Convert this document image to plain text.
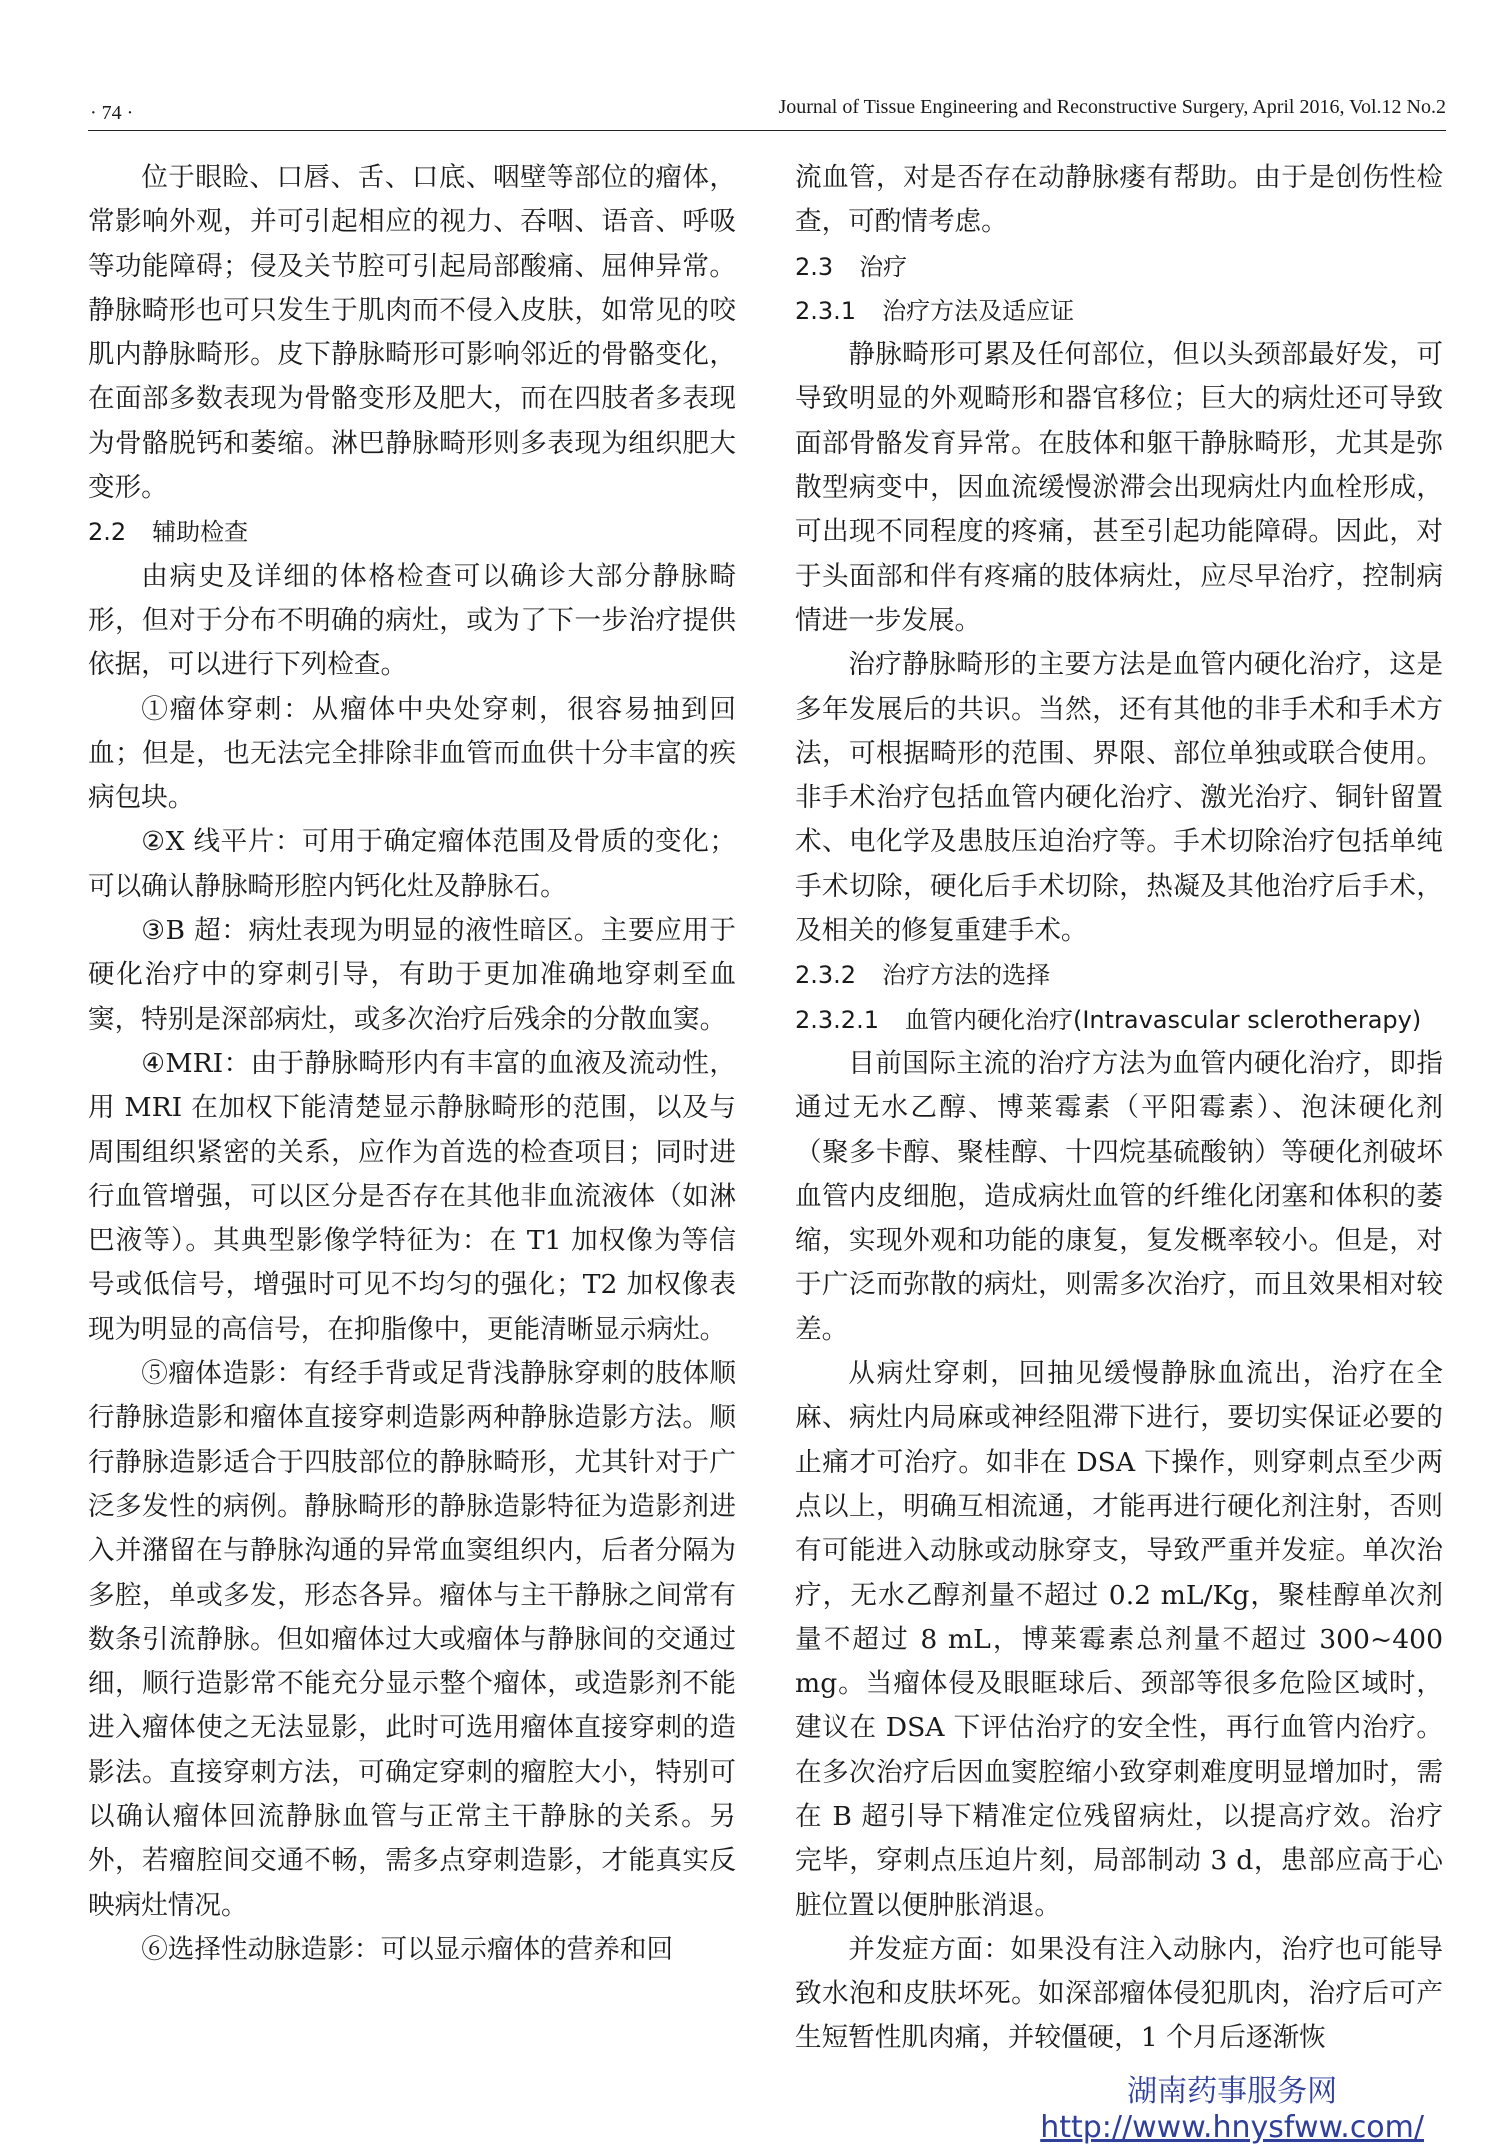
· 74 ·	Journal of Tissue Engineering and Reconstructive Surgery, April 2016, Vol.12 No.2

位于眼睑、口唇、舌、口底、咽壁等部位的瘤体，常影响外观，并可引起相应的视力、吞咽、语音、呼吸等功能障碍；侵及关节腔可引起局部酸痛、屈伸异常。静脉畸形也可只发生于肌肉而不侵入皮肤，如常见的咬肌内静脉畸形。皮下静脉畸形可影响邻近的骨骼变化，在面部多数表现为骨骼变形及肥大，而在四肢者多表现为骨骼脱钙和萎缩。淋巴静脉畸形则多表现为组织肥大变形。

2.2 辅助检查

由病史及详细的体格检查可以确诊大部分静脉畸形，但对于分布不明确的病灶，或为了下一步治疗提供依据，可以进行下列检查。

①瘤体穿刺：从瘤体中央处穿刺，很容易抽到回血；但是，也无法完全排除非血管而血供十分丰富的疾病包块。

②X 线平片：可用于确定瘤体范围及骨质的变化；可以确认静脉畸形腔内钙化灶及静脉石。

③B 超：病灶表现为明显的液性暗区。主要应用于硬化治疗中的穿刺引导，有助于更加准确地穿刺至血窦，特别是深部病灶，或多次治疗后残余的分散血窦。

④MRI：由于静脉畸形内有丰富的血液及流动性，用 MRI 在加权下能清楚显示静脉畸形的范围，以及与周围组织紧密的关系，应作为首选的检查项目；同时进行血管增强，可以区分是否存在其他非血流液体（如淋巴液等）。其典型影像学特征为：在 T1 加权像为等信号或低信号，增强时可见不均匀的强化；T2 加权像表现为明显的高信号，在抑脂像中，更能清晰显示病灶。

⑤瘤体造影：有经手背或足背浅静脉穿刺的肢体顺行静脉造影和瘤体直接穿刺造影两种静脉造影方法。顺行静脉造影适合于四肢部位的静脉畸形，尤其针对于广泛多发性的病例。静脉畸形的静脉造影特征为造影剂进入并潴留在与静脉沟通的异常血窦组织内，后者分隔为多腔，单或多发，形态各异。瘤体与主干静脉之间常有数条引流静脉。但如瘤体过大或瘤体与静脉间的交通过细，顺行造影常不能充分显示整个瘤体，或造影剂不能进入瘤体使之无法显影，此时可选用瘤体直接穿刺的造影法。直接穿刺方法，可确定穿刺的瘤腔大小，特别可以确认瘤体回流静脉血管与正常主干静脉的关系。另外，若瘤腔间交通不畅，需多点穿刺造影，才能真实反映病灶情况。

⑥选择性动脉造影：可以显示瘤体的营养和回

流血管，对是否存在动静脉瘘有帮助。由于是创伤性检查，可酌情考虑。

2.3 治疗
2.3.1 治疗方法及适应证

静脉畸形可累及任何部位，但以头颈部最好发，可导致明显的外观畸形和器官移位；巨大的病灶还可导致面部骨骼发育异常。在肢体和躯干静脉畸形，尤其是弥散型病变中，因血流缓慢淤滞会出现病灶内血栓形成，可出现不同程度的疼痛，甚至引起功能障碍。因此，对于头面部和伴有疼痛的肢体病灶，应尽早治疗，控制病情进一步发展。

治疗静脉畸形的主要方法是血管内硬化治疗，这是多年发展后的共识。当然，还有其他的非手术和手术方法，可根据畸形的范围、界限、部位单独或联合使用。非手术治疗包括血管内硬化治疗、激光治疗、铜针留置术、电化学及患肢压迫治疗等。手术切除治疗包括单纯手术切除，硬化后手术切除，热凝及其他治疗后手术，及相关的修复重建手术。

2.3.2 治疗方法的选择
2.3.2.1 血管内硬化治疗(Intravascular sclerotherapy)

目前国际主流的治疗方法为血管内硬化治疗，即指通过无水乙醇、博莱霉素（平阳霉素）、泡沫硬化剂（聚多卡醇、聚桂醇、十四烷基硫酸钠）等硬化剂破坏血管内皮细胞，造成病灶血管的纤维化闭塞和体积的萎缩，实现外观和功能的康复，复发概率较小。但是，对于广泛而弥散的病灶，则需多次治疗，而且效果相对较差。

从病灶穿刺，回抽见缓慢静脉血流出，治疗在全麻、病灶内局麻或神经阻滞下进行，要切实保证必要的止痛才可治疗。如非在 DSA 下操作，则穿刺点至少两点以上，明确互相流通，才能再进行硬化剂注射，否则有可能进入动脉或动脉穿支，导致严重并发症。单次治疗，无水乙醇剂量不超过 0.2 mL/Kg，聚桂醇单次剂量不超过 8 mL，博莱霉素总剂量不超过 300~400 mg。当瘤体侵及眼眶球后、颈部等很多危险区域时，建议在 DSA 下评估治疗的安全性，再行血管内治疗。在多次治疗后因血窦腔缩小致穿刺难度明显增加时，需在 B 超引导下精准定位残留病灶，以提高疗效。治疗完毕，穿刺点压迫片刻，局部制动 3 d，患部应高于心脏位置以便肿胀消退。

并发症方面：如果没有注入动脉内，治疗也可能导致水泡和皮肤坏死。如深部瘤体侵犯肌肉，治疗后可产生短暂性肌肉痛，并较僵硬，1 个月后逐渐恢

湖南药事服务网
http://www.hnysfww.com/
